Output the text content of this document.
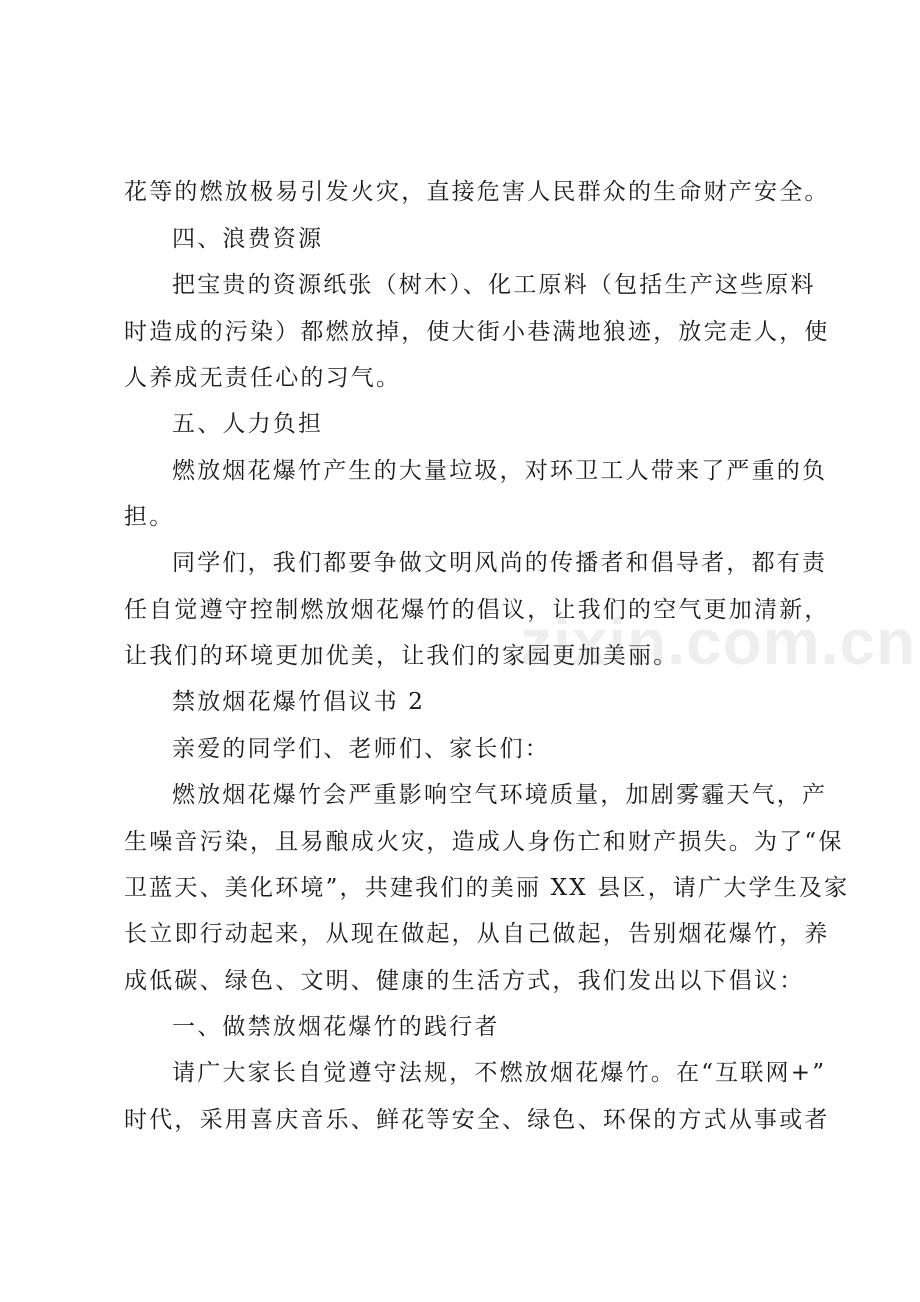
zixin.com.cn
花等的燃放极易引发火灾，直接危害人民群众的生命财产安全。
四、浪费资源
把宝贵的资源纸张（树木）、化工原料（包括生产这些原料
时造成的污染）都燃放掉，使大街小巷满地狼迹，放完走人，使
人养成无责任心的习气。
五、人力负担
燃放烟花爆竹产生的大量垃圾，对环卫工人带来了严重的负
担。
同学们，我们都要争做文明风尚的传播者和倡导者，都有责
任自觉遵守控制燃放烟花爆竹的倡议，让我们的空气更加清新，
让我们的环境更加优美，让我们的家园更加美丽。
禁放烟花爆竹倡议书 2
亲爱的同学们、老师们、家长们：
燃放烟花爆竹会严重影响空气环境质量，加剧雾霾天气，产
生噪音污染，且易酿成火灾，造成人身伤亡和财产损失。为了“保
卫蓝天、美化环境”，共建我们的美丽 XX 县区，请广大学生及家
长立即行动起来，从现在做起，从自己做起，告别烟花爆竹，养
成低碳、绿色、文明、健康的生活方式，我们发出以下倡议：
一、做禁放烟花爆竹的践行者
请广大家长自觉遵守法规，不燃放烟花爆竹。在“互联网+”
时代，采用喜庆音乐、鲜花等安全、绿色、环保的方式从事或者
